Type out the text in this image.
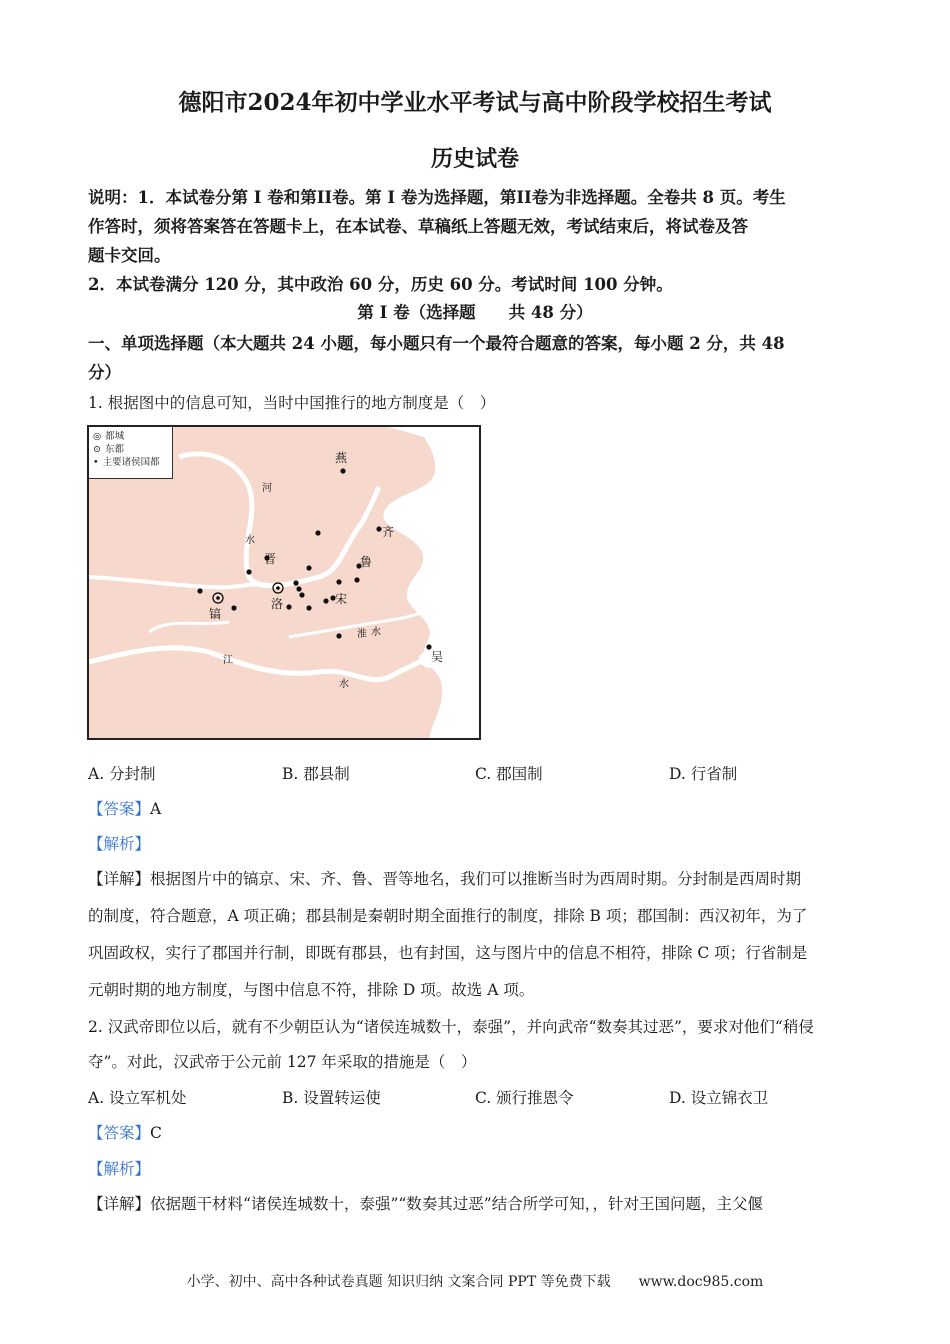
德阳市2024年初中学业水平考试与高中阶段学校招生考试
历史试卷
说明：1．本试卷分第 I 卷和第II卷。第 I 卷为选择题，第II卷为非选择题。全卷共 8 页。考生
作答时，须将答案答在答题卡上，在本试卷、草稿纸上答题无效，考试结束后，将试卷及答
题卡交回。
2．本试卷满分 120 分，其中政治 60 分，历史 60 分。考试时间 100 分钟。
第 I 卷（选择题　　共 48 分）
一、单项选择题（本大题共 24 小题，每小题只有一个最符合题意的答案，每小题 2 分，共 48
分）
1. 根据图中的信息可知，当时中国推行的地方制度是（　）
◎ 都城
⊙ 东都
• 主要诸侯国都	燕
齐
鲁
晋
宋
洛
镐
吴
河
水
江
水
淮 水
A. 分封制	B. 郡县制	C. 郡国制	D. 行省制
【答案】A
【解析】
【详解】根据图片中的镐京、宋、齐、鲁、晋等地名，我们可以推断当时为西周时期。分封制是西周时期
的制度，符合题意，A 项正确；郡县制是秦朝时期全面推行的制度，排除 B 项；郡国制：西汉初年，为了
巩固政权，实行了郡国并行制，即既有郡县，也有封国，这与图片中的信息不相符，排除 C 项；行省制是
元朝时期的地方制度，与图中信息不符，排除 D 项。故选 A 项。
2. 汉武帝即位以后，就有不少朝臣认为“诸侯连城数十，泰强”，并向武帝“数奏其过恶”，要求对他们“稍侵
夺”。对此，汉武帝于公元前 127 年采取的措施是（　）
A. 设立军机处	B. 设置转运使	C. 颁行推恩令	D. 设立锦衣卫
【答案】C
【解析】
【详解】依据题干材料“诸侯连城数十，泰强”“数奏其过恶”结合所学可知，，针对王国问题，主父偃
小学、初中、高中各种试卷真题 知识归纳 文案合同 PPT 等免费下载　　www.doc985.com
